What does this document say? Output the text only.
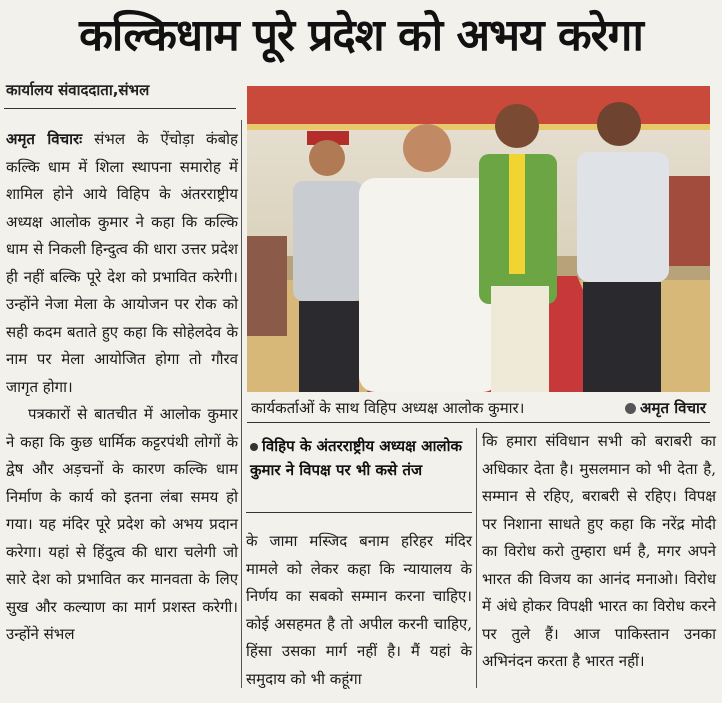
कल्किधाम पूरे प्रदेश को अभय करेगा
कार्यालय संवाददाता,संभल

अमृत विचारः संभल के ऐंचोड़ा कंबोह कल्कि धाम में शिला स्थापना समारोह में शामिल होने आये विहिप के अंतरराष्ट्रीय अध्यक्ष आलोक कुमार ने कहा कि कल्कि धाम से निकली हिन्दुत्व की धारा उत्तर प्रदेश ही नहीं बल्कि पूरे देश को प्रभावित करेगी। उन्होंने नेजा मेला के आयोजन पर रोक को सही कदम बताते हुए कहा कि सोहेलदेव के नाम पर मेला आयोजित होगा तो गौरव जागृत होगा।

पत्रकारों से बातचीत में आलोक कुमार ने कहा कि कुछ धार्मिक कट्टरपंथी लोगों के द्वेष और अड़चनों के कारण कल्कि धाम निर्माण के कार्य को इतना लंबा समय हो गया। यह मंदिर पूरे प्रदेश को अभय प्रदान करेगा। यहां से हिंदुत्व की धारा चलेगी जो सारे देश को प्रभावित कर मानवता के लिए सुख और कल्याण का मार्ग प्रशस्त करेगी। उन्होंने संभल

कार्यकर्ताओं के साथ विहिप अध्यक्ष आलोक कुमार।	अमृत विचार
विहिप के अंतरराष्ट्रीय अध्यक्ष आलोक कुमार ने विपक्ष पर भी कसे तंज

के जामा मस्जिद बनाम हरिहर मंदिर मामले को लेकर कहा कि न्यायालय के निर्णय का सबको सम्मान करना चाहिए। कोई असहमत है तो अपील करनी चाहिए, हिंसा उसका मार्ग नहीं है। मैं यहां के समुदाय को भी कहूंगा

कि हमारा संविधान सभी को बराबरी का अधिकार देता है। मुसलमान को भी देता है, सम्मान से रहिए, बराबरी से रहिए। विपक्ष पर निशाना साधते हुए कहा कि नरेंद्र मोदी का विरोध करो तुम्हारा धर्म है, मगर अपने भारत की विजय का आनंद मनाओ। विरोध में अंधे होकर विपक्षी भारत का विरोध करने पर तुले हैं। आज पाकिस्तान उनका अभिनंदन करता है भारत नहीं।
